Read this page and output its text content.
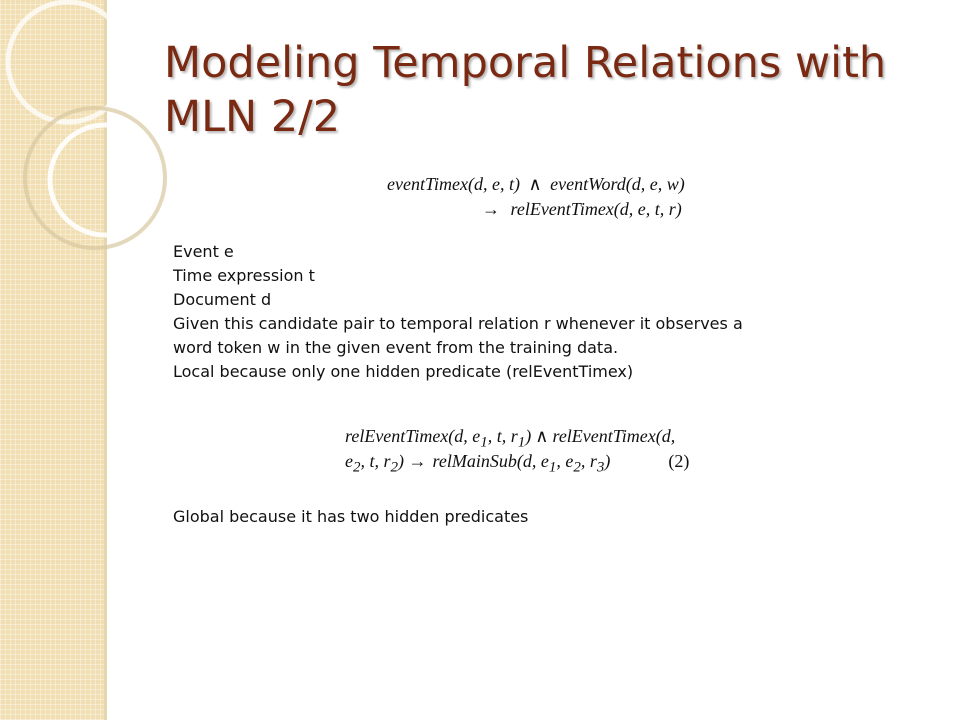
Modeling Temporal Relations with
MLN 2/2
eventTimex(d, e, t) ∧ eventWord(d, e, w)
→ relEventTimex(d, e, t, r)

Event e

Time expression t

Document d

Given this candidate pair to temporal relation r whenever it observes a

word token w in the given event from the training data.

Local because only one hidden predicate (relEventTimex)

relEventTimex(d, $e_1$, t, $r_1$) ∧ relEventTimex(d,
$e_2$, t, $r_2$) → relMainSub(d, $e_1$, $e_2$, $r_3$)	(2)

Global because it has two hidden predicates
